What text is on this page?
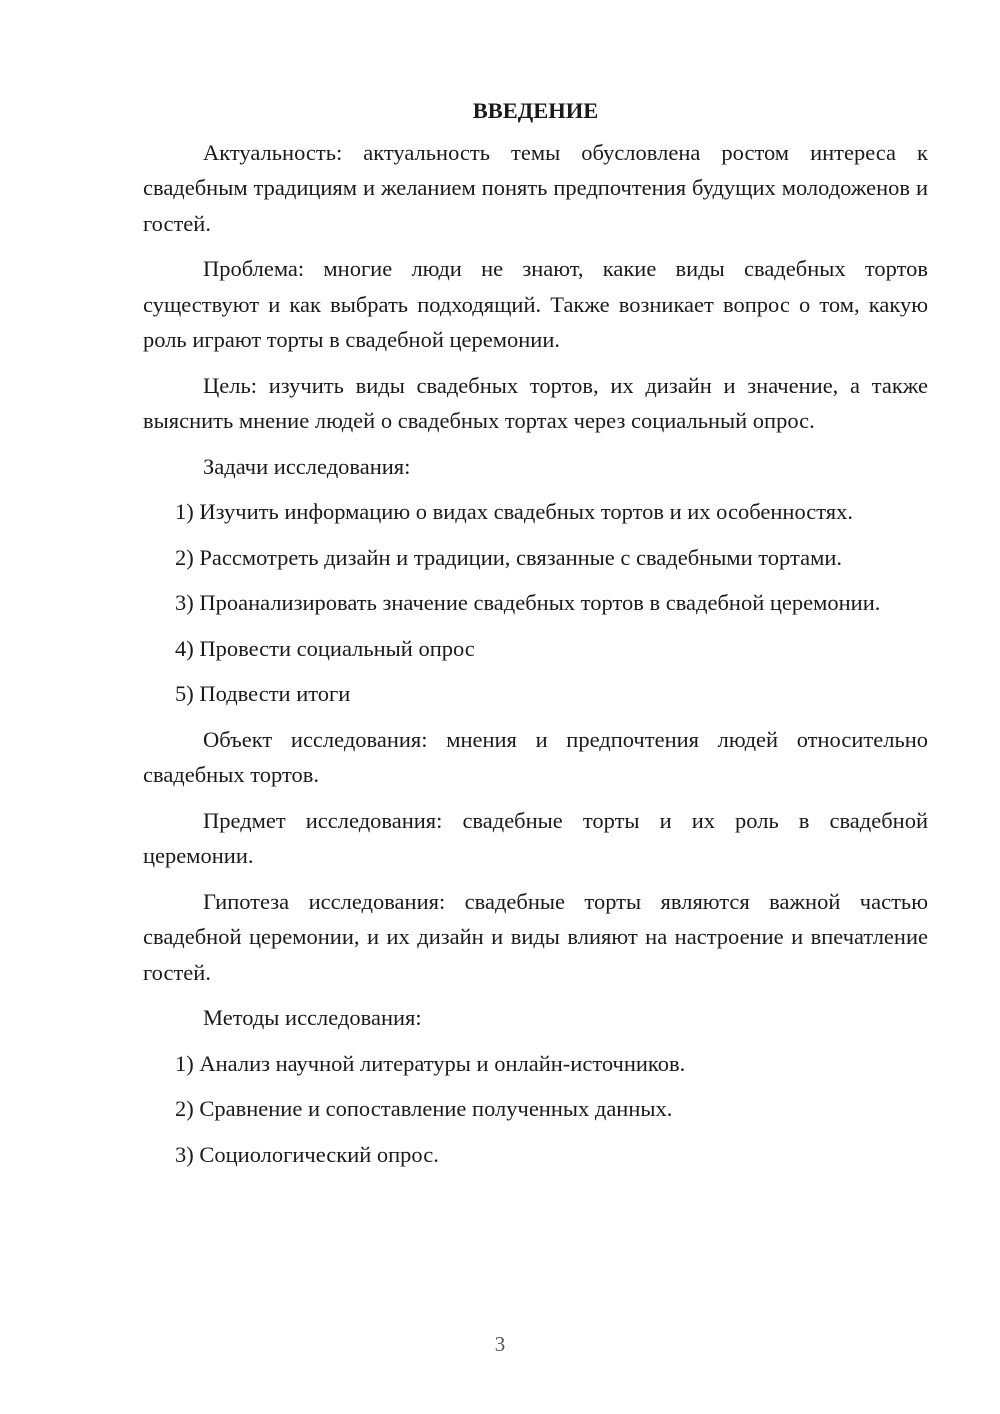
ВВЕДЕНИЕ

Актуальность: актуальность темы обусловлена ростом интереса к свадебным традициям и желанием понять предпочтения будущих молодоженов и гостей.

Проблема: многие люди не знают, какие виды свадебных тортов существуют и как выбрать подходящий. Также возникает вопрос о том, какую роль играют торты в свадебной церемонии.

Цель: изучить виды свадебных тортов, их дизайн и значение, а также выяснить мнение людей о свадебных тортах через социальный опрос.

Задачи исследования:

1) Изучить информацию о видах свадебных тортов и их особенностях.

2) Рассмотреть дизайн и традиции, связанные с свадебными тортами.

3) Проанализировать значение свадебных тортов в свадебной церемонии.

4) Провести социальный опрос

5) Подвести итоги

Объект исследования: мнения и предпочтения людей относительно свадебных тортов.

Предмет исследования: свадебные торты и их роль в свадебной церемонии.

Гипотеза исследования: свадебные торты являются важной частью свадебной церемонии, и их дизайн и виды влияют на настроение и впечатление гостей.

Методы исследования:

1) Анализ научной литературы и онлайн-источников.

2) Сравнение и сопоставление полученных данных.

3) Социологический опрос.

3
